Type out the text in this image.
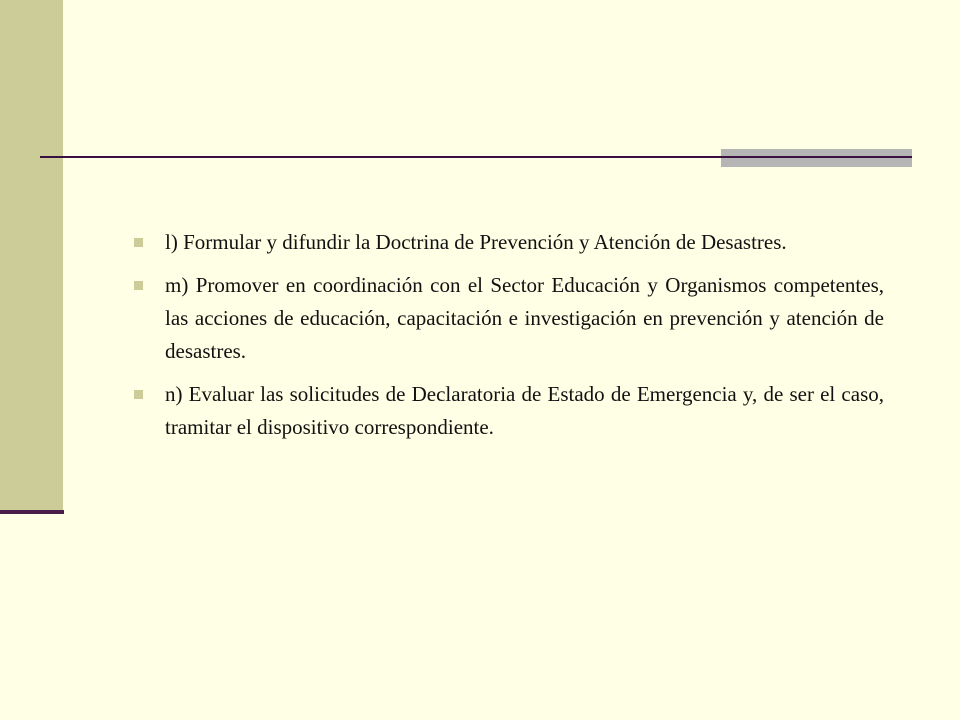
l) Formular y difundir la Doctrina de Prevención y Atención de Desastres.
m) Promover en coordinación con el Sector Educación y Organismos competentes, las acciones de educación, capacitación e investigación en prevención y atención de desastres.
n) Evaluar las solicitudes de Declaratoria de Estado de Emergencia y, de ser el caso, tramitar el dispositivo correspondiente.
